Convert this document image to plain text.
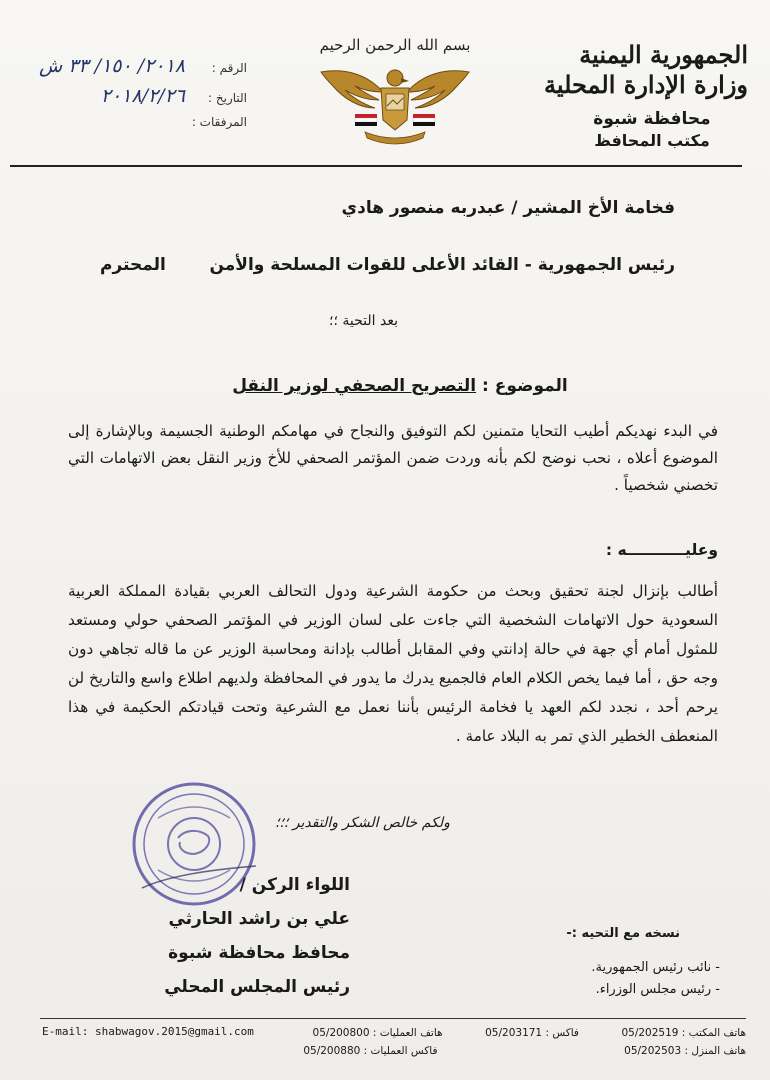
الجمهورية اليمنية
وزارة الإدارة المحلية
محافظة شبوة
مكتب المحافظ
بسم الله الرحمن الرحيم
الرقم :
٢٠١٨/ ١٥٠/ ٣٣ ش
التاريخ :
٢٠١٨/٢/٢٦
المرفقات :
فخامة الأخ المشير / عبدربه منصور هادي
رئيس الجمهورية - القائد الأعلى للقوات المسلحة والأمن
المحترم
بعد التحية ؛؛
الموضوع : التصريح الصحفي لوزير النقل
في البدء نهديكم أطيب التحايا متمنين لكم التوفيق والنجاح في مهامكم الوطنية الجسيمة وبالإشارة إلى الموضوع أعلاه ، نحب نوضح لكم بأنه وردت ضمن المؤتمر الصحفي للأخ وزير النقل بعض الاتهامات التي تخصني شخصياً .
وعليـــــــــــه :
أطالب بإنزال لجنة تحقيق وبحث من حكومة الشرعية ودول التحالف العربي بقيادة المملكة العربية السعودية حول الاتهامات الشخصية التي جاءت على لسان الوزير في المؤتمر الصحفي حولي ومستعد للمثول أمام أي جهة في حالة إدانتي وفي المقابل أطالب بإدانة ومحاسبة الوزير عن ما قاله تجاهي دون وجه حق ، أما فيما يخص الكلام العام فالجميع يدرك ما يدور في المحافظة ولديهم اطلاع واسع والتاريخ لن يرحم أحد ، نجدد لكم العهد يا فخامة الرئيس بأننا نعمل مع الشرعية وتحت قيادتكم الحكيمة في هذا المنعطف الخطير الذي تمر به البلاد عامة .
ولكم خالص الشكر والتقدير ؛؛؛
اللواء الركن /
علي بن راشد الحارثي
محافظ محافظة شبوة
رئيس المجلس المحلي
نسخه مع التحيه :-
- نائب رئيس الجمهورية.
- رئيس مجلس الوزراء.
هاتف المكتب : 05/202519
فاكس : 05/203171
هاتف العمليات : 05/200800
هاتف المنزل : 05/202503
فاكس العمليات : 05/200880
E-mail: shabwagov.2015@gmail.com
